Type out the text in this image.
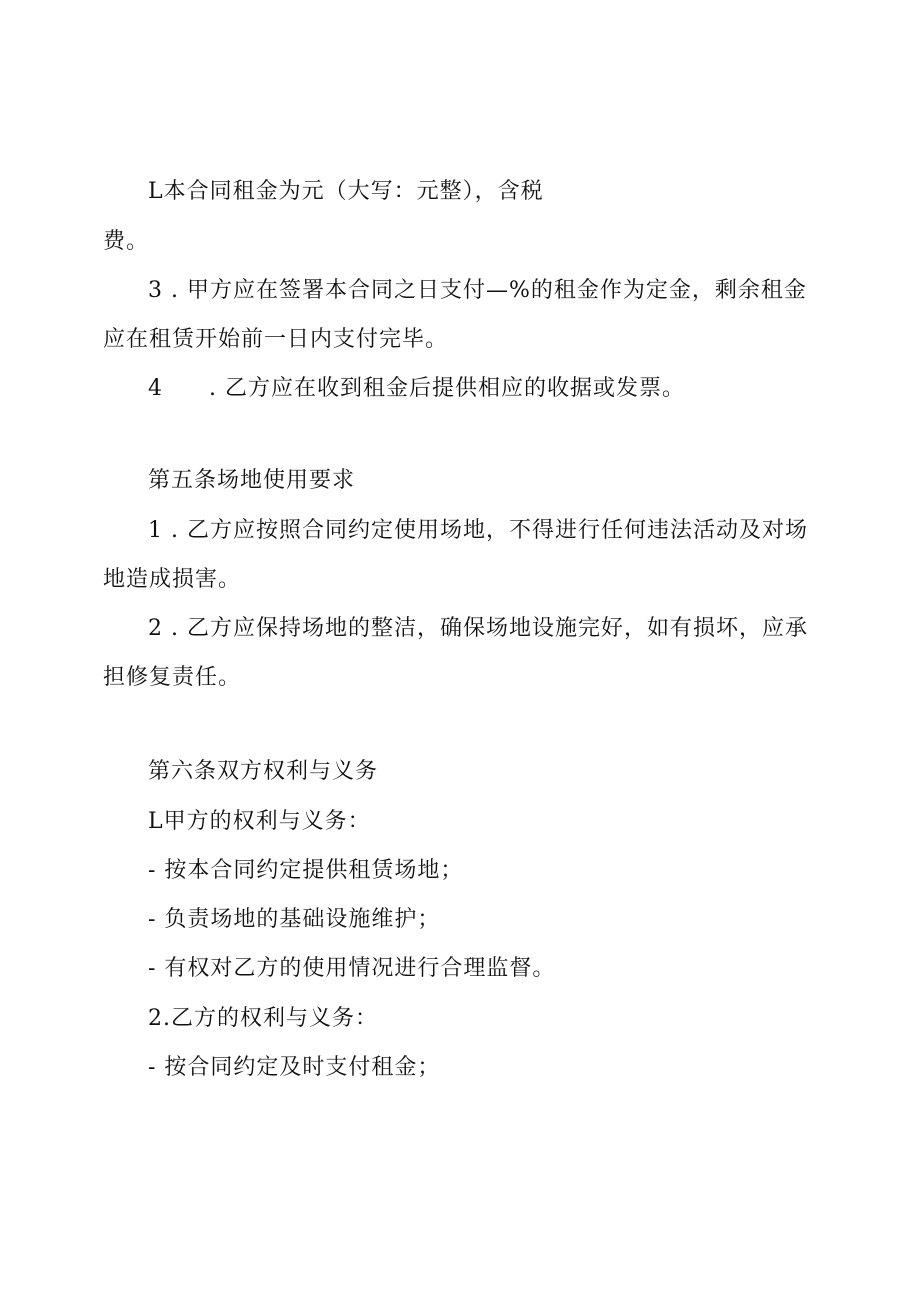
L本合同租金为元（大写：元整），含税
费。
3 . 甲方应在签署本合同之日支付—%的租金作为定金，剩余租金
应在租赁开始前一日内支付完毕。
4 . 乙方应在收到租金后提供相应的收据或发票。
第五条场地使用要求
1 . 乙方应按照合同约定使用场地，不得进行任何违法活动及对场
地造成损害。
2 . 乙方应保持场地的整洁，确保场地设施完好，如有损坏，应承
担修复责任。
第六条双方权利与义务
L甲方的权利与义务：
- 按本合同约定提供租赁场地；
- 负责场地的基础设施维护；
- 有权对乙方的使用情况进行合理监督。
2.乙方的权利与义务：
- 按合同约定及时支付租金；
